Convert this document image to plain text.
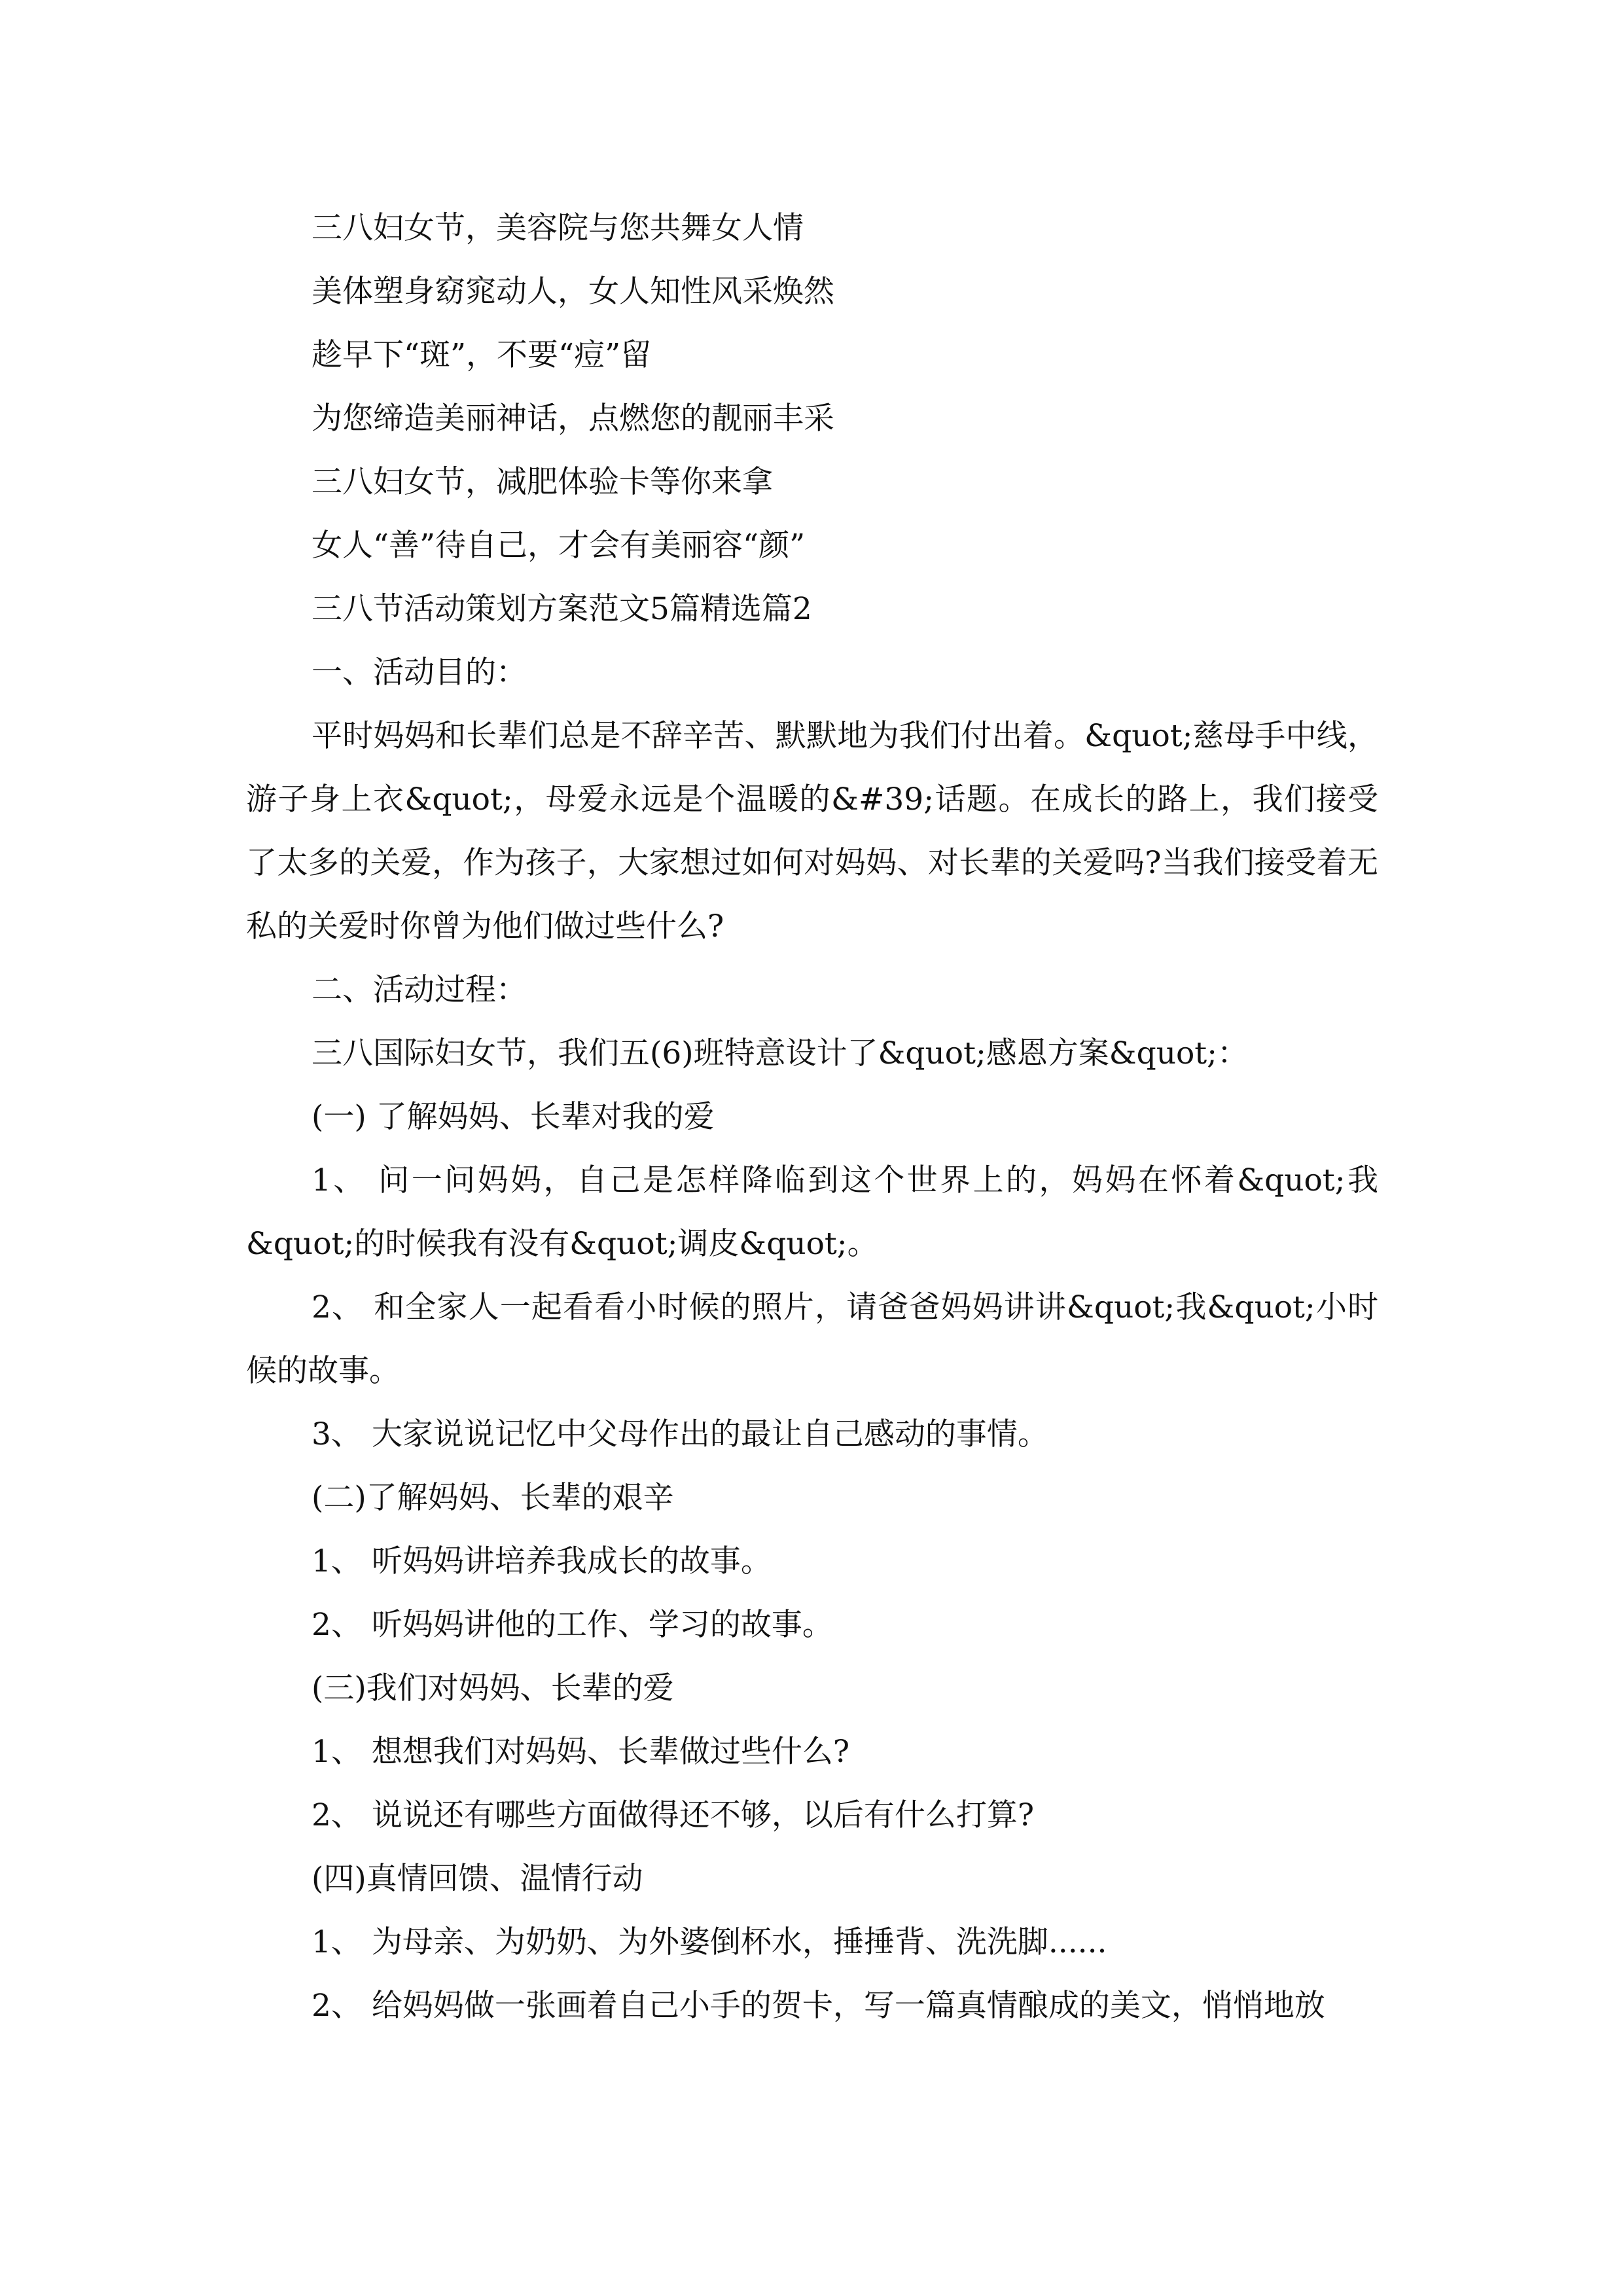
三八妇女节，美容院与您共舞女人情
美体塑身窈窕动人，女人知性风采焕然
趁早下“斑”，不要“痘”留
为您缔造美丽神话，点燃您的靓丽丰采
三八妇女节，减肥体验卡等你来拿
女人“善”待自己，才会有美丽容“颜”
三八节活动策划方案范文5篇精选篇2
一、活动目的：
平时妈妈和长辈们总是不辞辛苦、默默地为我们付出着。&quot;慈母手中线，游子身上衣&quot;，母爱永远是个温暖的&#39;话题。在成长的路上，我们接受了太多的关爱，作为孩子，大家想过如何对妈妈、对长辈的关爱吗?当我们接受着无私的关爱时你曾为他们做过些什么?
二、活动过程：
三八国际妇女节，我们五(6)班特意设计了&quot;感恩方案&quot;：
(一) 了解妈妈、长辈对我的爱
1、 问一问妈妈，自己是怎样降临到这个世界上的，妈妈在怀着&quot;我&quot;的时候我有没有&quot;调皮&quot;。
2、 和全家人一起看看小时候的照片，请爸爸妈妈讲讲&quot;我&quot;小时候的故事。
3、 大家说说记忆中父母作出的最让自己感动的事情。
(二)了解妈妈、长辈的艰辛
1、 听妈妈讲培养我成长的故事。
2、 听妈妈讲他的工作、学习的故事。
(三)我们对妈妈、长辈的爱
1、 想想我们对妈妈、长辈做过些什么?
2、 说说还有哪些方面做得还不够，以后有什么打算?
(四)真情回馈、温情行动
1、 为母亲、为奶奶、为外婆倒杯水，捶捶背、洗洗脚......
2、 给妈妈做一张画着自己小手的贺卡，写一篇真情酿成的美文，悄悄地放
